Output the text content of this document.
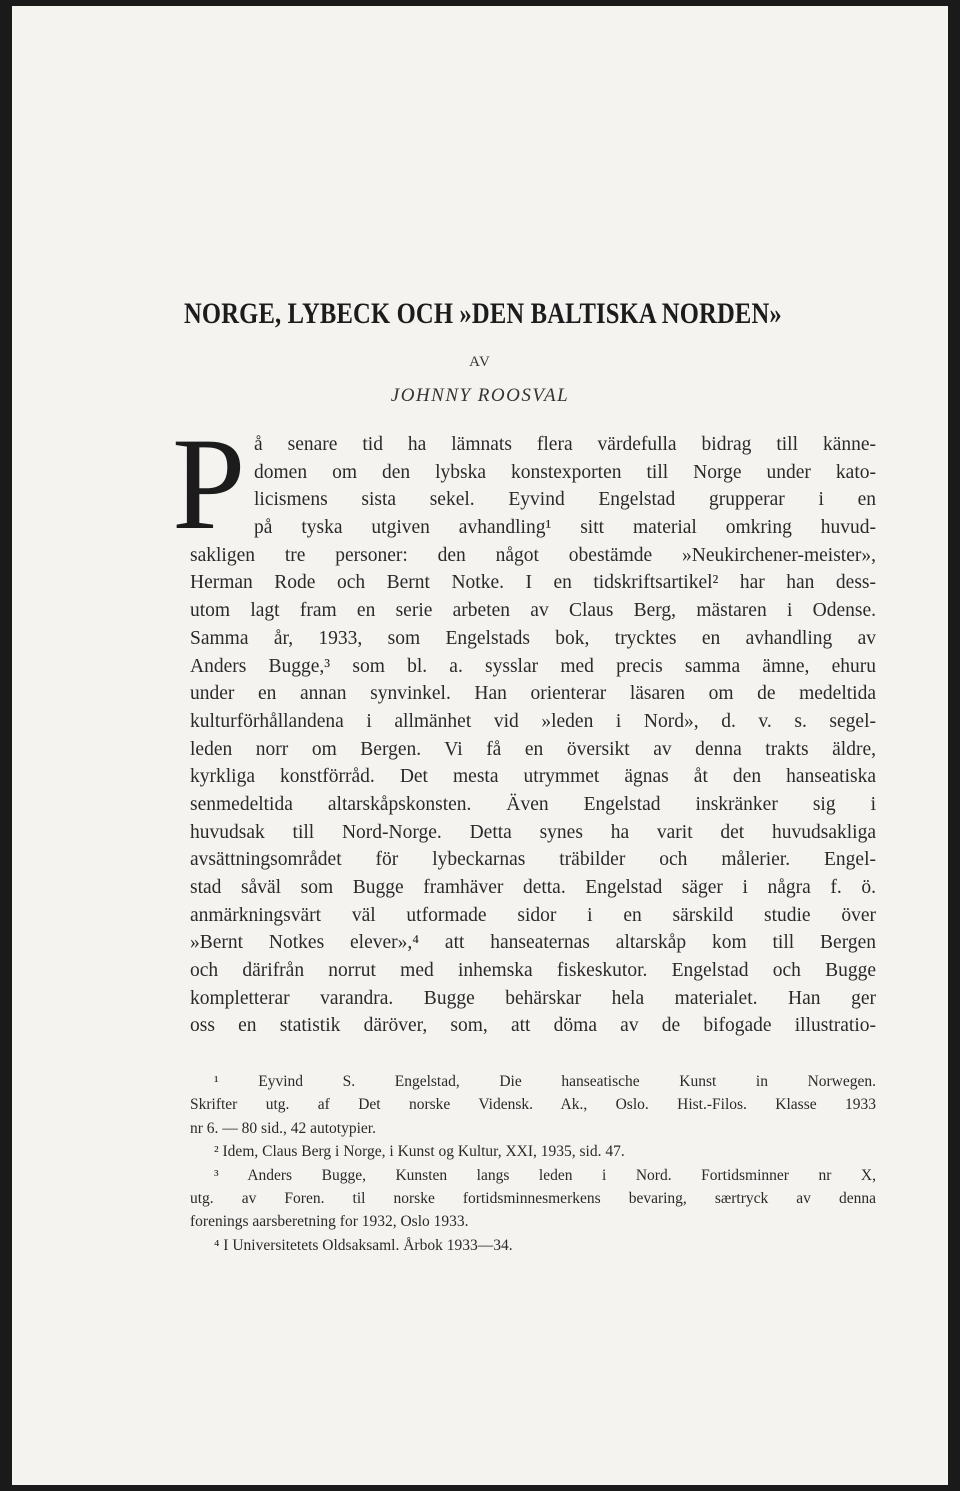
NORGE, LYBECK OCH »DEN BALTISKA NORDEN»
AV
JOHNNY ROOSVAL
P å senare tid ha lämnats flera värdefulla bidrag till känne-
domen om den lybska konstexporten till Norge under kato-
licismens sista sekel. Eyvind Engelstad grupperar i en
på tyska utgiven avhandling¹ sitt material omkring huvud-
sakligen tre personer: den något obestämde »Neukirchener-meister»,
Herman Rode och Bernt Notke. I en tidskriftsartikel² har han dess-
utom lagt fram en serie arbeten av Claus Berg, mästaren i Odense.
Samma år, 1933, som Engelstads bok, trycktes en avhandling av
Anders Bugge,³ som bl. a. sysslar med precis samma ämne, ehuru
under en annan synvinkel. Han orienterar läsaren om de medeltida
kulturförhållandena i allmänhet vid »leden i Nord», d. v. s. segel-
leden norr om Bergen. Vi få en översikt av denna trakts äldre,
kyrkliga konstförråd. Det mesta utrymmet ägnas åt den hanseatiska
senmedeltida altarskåpskonsten. Även Engelstad inskränker sig i
huvudsak till Nord-Norge. Detta synes ha varit det huvudsakliga
avsättningsområdet för lybeckarnas träbilder och målerier. Engel-
stad såväl som Bugge framhäver detta. Engelstad säger i några f. ö.
anmärkningsvärt väl utformade sidor i en särskild studie över
»Bernt Notkes elever»,⁴ att hanseaternas altarskåp kom till Bergen
och därifrån norrut med inhemska fiskeskutor. Engelstad och Bugge
kompletterar varandra. Bugge behärskar hela materialet. Han ger
oss en statistik däröver, som, att döma av de bifogade illustratio-
¹ Eyvind S. Engelstad, Die hanseatische Kunst in Norwegen.
Skrifter utg. af Det norske Vidensk. Ak., Oslo. Hist.-Filos. Klasse 1933
nr 6. — 80 sid., 42 autotypier.
² Idem, Claus Berg i Norge, i Kunst og Kultur, XXI, 1935, sid. 47.
³ Anders Bugge, Kunsten langs leden i Nord. Fortidsminner nr X,
utg. av Foren. til norske fortidsminnesmerkens bevaring, særtryck av denna
forenings aarsberetning for 1932, Oslo 1933.
⁴ I Universitetets Oldsaksaml. Årbok 1933—34.
